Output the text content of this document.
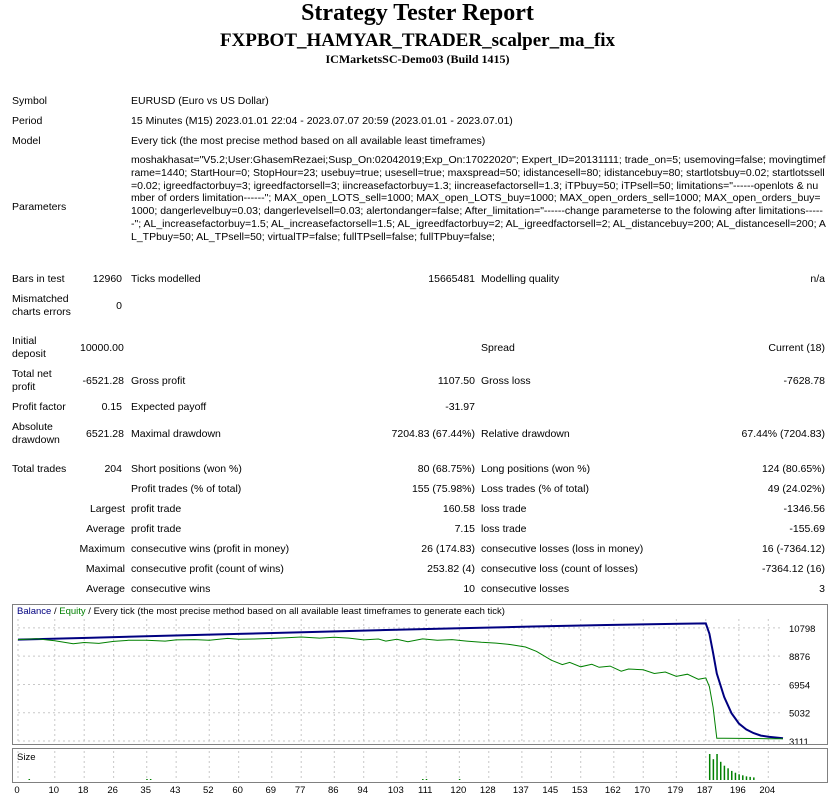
Strategy Tester Report
FXPBOT_HAMYAR_TRADER_scalper_ma_fix
ICMarketsSC-Demo03 (Build 1415)
Symbol	EURUSD (Euro vs US Dollar)
Period	15 Minutes (M15) 2023.01.01 22:04 - 2023.07.07 20:59 (2023.01.01 - 2023.07.01)
Model	Every tick (the most precise method based on all available least timeframes)
Parameters
moshakhasat="V5.2;User:GhasemRezaei;Susp_On:02042019;Exp_On:17022020"; Expert_ID=20131111; trade_on=5; usemoving=false; movingtimeframe=1440; StartHour=0; StopHour=23; usebuy=true; usesell=true; maxspread=50; idistancesell=80; idistancebuy=80; startlotsbuy=0.02; startlotssell=0.02; igreedfactorbuy=3; igreedfactorsell=3; iincreasefactorbuy=1.3; iincreasefactorsell=1.3; iTPbuy=50; iTPsell=50; limitations="------openlots & number of orders limitation------"; MAX_open_LOTS_sell=1000; MAX_open_LOTS_buy=1000; MAX_open_orders_sell=1000; MAX_open_orders_buy=1000; dangerlevelbuy=0.03; dangerlevelsell=0.03; alertondanger=false; After_limitation="------change parameterse to the folowing after limitations------"; AL_increasefactorbuy=1.5; AL_increasefactorsell=1.5; AL_igreedfactorbuy=2; AL_igreedfactorsell=2; AL_distancebuy=200; AL_distancesell=200; AL_TPbuy=50; AL_TPsell=50; virtualTP=false; fullTPsell=false; fullTPbuy=false;
Bars in test	12960 Ticks modelled	15665481 Modelling quality	n/a
Mismatched charts errors	0
Initial deposit	10000.00	Spread	Current (18)
Total net profit	-6521.28 Gross profit	1107.50 Gross loss	-7628.78
Profit factor	0.15 Expected payoff	-31.97
Absolute drawdown	6521.28 Maximal drawdown	7204.83 (67.44%) Relative drawdown	67.44% (7204.83)
Total trades	204 Short positions (won %)	80 (68.75%) Long positions (won %)	124 (80.65%)
Profit trades (% of total)	155 (75.98%) Loss trades (% of total)	49 (24.02%)
Largest profit trade	160.58 loss trade	-1346.56
Average profit trade	7.15 loss trade	-155.69
Maximum consecutive wins (profit in money)	26 (174.83) consecutive losses (loss in money)	16 (-7364.12)
Maximal consecutive profit (count of wins)	253.82 (4) consecutive loss (count of losses)	-7364.12 (16)
Average consecutive wins	10 consecutive losses	3
10798
8876
6954
5032
3111
Balance / Equity / Every tick (the most precise method based on all available least timeframes to generate each tick)
Size
0	10 18 26 35 43 52 60 69 77 86 94 103 111 120 128 137 145 153 162 170 179 187 196 204
